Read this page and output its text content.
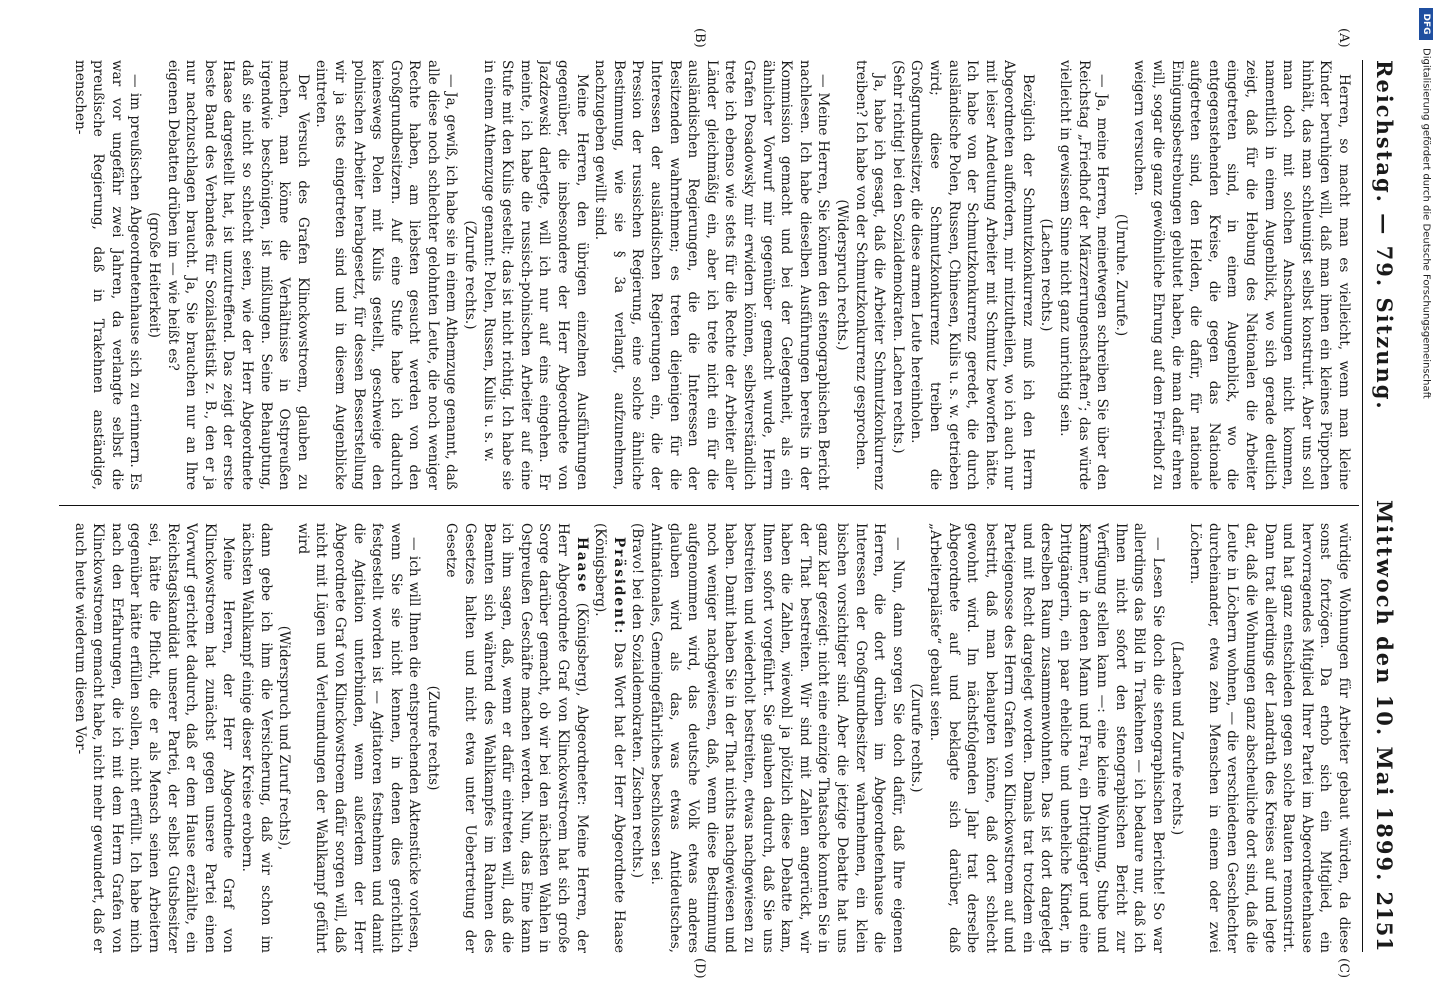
Reichstag. — 79. Sitzung.
Mittwoch den 10. Mai 1899.
2151
(A)
(B)
(C)
(D)

Herren, so macht man es vielleicht, wenn man kleine Kinder beruhigen will, daß man ihnen ein kleines Püppchen hinhält, das man schleunigst selbst konstruirt. Aber uns soll man doch mit solchen Anschauungen nicht kommen, namentlich in einem Augenblick, wo sich gerade deutlich zeigt, daß für die Hebung des Nationalen die Arbeiter eingetreten sind, in einem Augenblick, wo die entgegenstehenden Kreise, die gegen das Nationale aufgetreten sind, den Helden, die dafür, für nationale Einigungsbestrebungen geblutet haben, die man dafür ehren will, sogar die ganz gewöhnliche Ehrung auf dem Friedhof zu weigern versuchen.

(Unruhe. Zurufe.)

— Ja, meine Herren, meinetwegen schreiben Sie über den Reichstag „Friedhof der Märzzerrungenschaften“; das würde vielleicht in gewissem Sinne nicht ganz unrichtig sein.

(Lachen rechts.)

Bezüglich der Schmutzkonkurrenz muß ich den Herrn Abgeordneten auffordern, mir mitzutheilen, wo ich auch nur mit leiser Andeutung Arbeiter mit Schmutz beworfen hätte. Ich habe von der Schmutzkonkurrenz geredet, die durch ausländische Polen, Russen, Chinesen, Kulis u. s. w. getrieben wird; diese Schmutzkonkurrenz treiben die Großgrundbesitzer, die diese armen Leute hereinholen.

(Sehr richtig! bei den Sozialdemokraten. Lachen rechts.)

Ja, habe ich gesagt, daß die Arbeiter Schmutzkonkurrenz treiben? Ich habe von der Schmutzkonkurrenz gesprochen.

(Widerspruch rechts.)

— Meine Herren, Sie können den stenographischen Bericht nachlesen. Ich habe dieselben Ausführungen bereits in der Kommission gemacht und bei der Gelegenheit, als ein ähnlicher Vorwurf mir gegenüber gemacht wurde, Herrn Grafen Posadowsky mir erwidern können, selbstverständlich trete ich ebenso wie stets für die Rechte der Arbeiter aller Länder gleichmäßig ein, aber ich trete nicht ein für die ausländischen Regierungen, die die Interessen der Besitzenden wahrnehmen; es treten diejenigen für die Interessen der ausländischen Regierungen ein, die der Pression der russischen Regierung, eine solche ähnliche Bestimmung, wie sie § 3a verlangt, aufzunehmen, nachzugeben gewillt sind.

Meine Herren, den übrigen einzelnen Ausführungen gegenüber, die insbesondere der Herr Abgeordnete von Jazdzewski darlegte, will ich nur auf eins eingehen. Er meinte, ich habe die russisch-polnischen Arbeiter auf eine Stufe mit den Kulis gestellt; das ist nicht richtig. Ich habe sie in einem Athemzuge genannt: Polen, Russen, Kulis u. s. w.

(Zurufe rechts.)

— Ja, gewiß, ich habe sie in einem Athemzuge genannt, daß alle diese noch schlechter gelohnten Leute, die noch weniger Rechte haben, am liebsten gesucht werden von den Großgrundbesitzern. Auf eine Stufe habe ich dadurch keineswegs Polen mit Kulis gestellt, geschweige den polnischen Arbeiter herabgesetzt, für dessen Besserstellung wir ja stets eingetreten sind und in diesem Augenblicke eintreten.

Der Versuch des Grafen Klinckowstroem, glauben zu machen, man könne die Verhältnisse in Ostpreußen irgendwie beschönigen, ist mißlungen. Seine Behauptung, daß sie nicht so schlecht seien, wie der Herr Abgeordnete Haase dargestellt hat, ist unzutreffend. Das zeigt der erste beste Band des Verbandes für Sozialstatistik z. B., den er ja nur nachzuschlagen braucht. Ja, Sie brauchen nur an Ihre eigenen Debatten drüben im — wie heißt es?

(große Heiterkeit)

— im preußischen Abgeordnetenhause sich zu erinnern. Es war vor ungefähr zwei Jahren, da verlangte selbst die preußische Regierung, daß in Trakehnen anständige, menschen-

würdige Wohnungen für Arbeiter gebaut würden, da diese sonst fortzögen. Da erhob sich ein Mitglied, ein hervorragendes Mitglied Ihrer Partei im Abgeordnetenhause und hat ganz entschieden gegen solche Bauten remonstrirt. Dann trat allerdings der Landrath des Kreises auf und legte dar, daß die Wohnungen ganz abscheuliche dort sind, daß die Leute in Löchern wohnen, — die verschiedenen Geschlechter durcheinander, etwa zehn Menschen in einem oder zwei Löchern.

(Lachen und Zurufe rechts.)

— Lesen Sie doch die stenographischen Berichte! So war allerdings das Bild in Trakehnen — ich bedaure nur, daß ich Ihnen nicht sofort den stenographischen Bericht zur Verfügung stellen kann —: eine kleine Wohnung, Stube und Kammer, in denen Mann und Frau, ein Drittgänger und eine Drittgängerin, ein paar eheliche und uneheliche Kinder, in derselben Raum zusammenwohnten. Das ist dort dargelegt und mit Recht dargelegt worden. Damals trat trotzdem ein Parteigenosse des Herrn Grafen von Klinckowstroem auf und bestritt, daß man behaupten könne, daß dort schlecht gewohnt wird. Im nächstfolgenden Jahr trat derselbe Abgeordnete auf und beklagte sich darüber, daß „Arbeiterpaläste“ gebaut seien.

(Zurufe rechts.)

— Nun, dann sorgen Sie doch dafür, daß Ihre eigenen Herren, die dort drüben im Abgeordnetenhause die Interessen der Großgrundbesitzer wahrnehmen, ein klein bischen vorsichtiger sind. Aber die jetzige Debatte hat uns ganz klar gezeigt: nicht eine einzige Thatsache konnten Sie in der That bestreiten. Wir sind mit Zahlen angerückt, wir haben die Zahlen, wiewohl ja plötzlich diese Debatte kam, Ihnen sofort vorgeführt. Sie glauben dadurch, daß Sie uns bestreiten und wiederholt bestreiten, etwas nachgewiesen zu haben. Damit haben Sie in der That nichts nachgewiesen und noch weniger nachgewiesen, daß, wenn diese Bestimmung aufgenommen wird, das deutsche Volk etwas anderes glauben wird als das, was etwas Antideutsches, Antinationales, Gemeingefährliches beschlossen sei.

(Bravo! bei den Sozialdemokraten. Zischen rechts.)

Präsident: Das Wort hat der Herr Abgeordnete Haase (Königsberg).

Haase (Königsberg), Abgeordneter: Meine Herren, der Herr Abgeordnete Graf von Klinckowstroem hat sich große Sorge darüber gemacht, ob wir bei den nächsten Wahlen in Ostpreußen Geschäfte machen werden. Nun, das Eine kann ich ihm sagen, daß, wenn er dafür eintreten will, daß die Beamten sich während des Wahlkampfes im Rahmen des Gesetzes halten und nicht etwa unter Uebertretung der Gesetze

(Zurufe rechts)

— ich will Ihnen die entsprechenden Aktenstücke vorlesen, wenn Sie sie nicht kennen, in denen dies gerichtlich festgestellt worden ist — Agitatoren festnehmen und damit die Agitation unterbinden, wenn außerdem der Herr Abgeordnete Graf von Klinckowstroem dafür sorgen will, daß nicht mit Lügen und Verleumdungen der Wahlkampf geführt wird

(Widerspruch und Zuruf rechts),

dann gebe ich ihm die Versicherung, daß wir schon im nächsten Wahlkampf einige dieser Kreise erobern.

Meine Herren, der Herr Abgeordnete Graf von Klinckowstroem hat zunächst gegen unsere Partei einen Vorwurf gerichtet dadurch, daß er dem Hause erzählte, ein Reichstagskandidat unserer Partei, der selbst Gutsbesitzer sei, hätte die Pflicht, die er als Mensch seinen Arbeitern gegenüber hätte erfüllen sollen, nicht erfüllt. Ich habe mich nach den Erfahrungen, die ich mit dem Herrn Grafen von Klinckowstroem gemacht habe, nicht mehr gewundert, daß er auch heute wiederum diesen Vor-

DFG
Digitalisierung gefördert durch die Deutsche Forschungsgemeinschaft
